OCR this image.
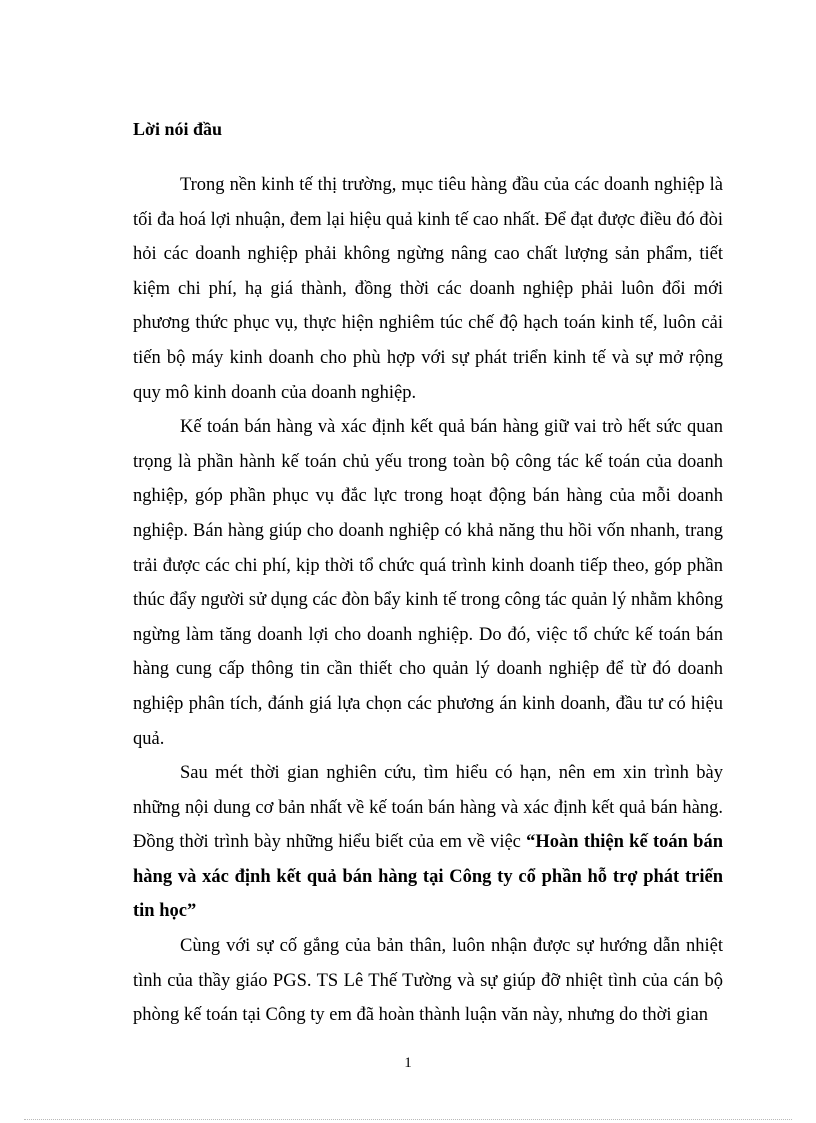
Lời nói đầu

Trong nền kinh tế thị trường, mục tiêu hàng đầu của các doanh nghiệp là tối đa hoá lợi nhuận, đem lại hiệu quả kinh tế cao nhất. Để đạt được điều đó đòi hỏi các doanh nghiệp phải không ngừng nâng cao chất lượng sản phẩm, tiết kiệm chi phí, hạ giá thành, đồng thời các doanh nghiệp phải luôn đổi mới phương thức phục vụ, thực hiện nghiêm túc chế độ hạch toán kinh tế, luôn cải tiến bộ máy kinh doanh cho phù hợp với sự phát triển kinh tế và sự mở rộng quy mô kinh doanh của doanh nghiệp.

Kế toán bán hàng và xác định kết quả bán hàng giữ vai trò hết sức quan trọng là phần hành kế toán chủ yếu trong toàn bộ công tác kế toán của doanh nghiệp, góp phần phục vụ đắc lực trong hoạt động bán hàng của mỗi doanh nghiệp. Bán hàng giúp cho doanh nghiệp có khả năng thu hồi vốn nhanh, trang trải được các chi phí, kịp thời tổ chức quá trình kinh doanh tiếp theo, góp phần thúc đẩy người sử dụng các đòn bẩy kinh tế trong công tác quản lý nhằm không ngừng làm tăng doanh lợi cho doanh nghiệp. Do đó, việc tổ chức kế toán bán hàng cung cấp thông tin cần thiết cho quản lý doanh nghiệp để từ đó doanh nghiệp phân tích, đánh giá lựa chọn các phương án kinh doanh, đầu tư có hiệu quả.

Sau mét thời gian nghiên cứu, tìm hiểu có hạn, nên em xin trình bày những nội dung cơ bản nhất về kế toán bán hàng và xác định kết quả bán hàng. Đồng thời trình bày những hiểu biết của em về việc “Hoàn thiện kế toán bán hàng và xác định kết quả bán hàng tại Công ty cổ phần hỗ trợ phát triển tin học”

Cùng với sự cố gắng của bản thân, luôn nhận được sự hướng dẫn nhiệt tình của thầy giáo PGS. TS Lê Thế Tường và sự giúp đỡ nhiệt tình của cán bộ phòng kế toán tại Công ty em đã hoàn thành luận văn này, nhưng do thời gian

1
